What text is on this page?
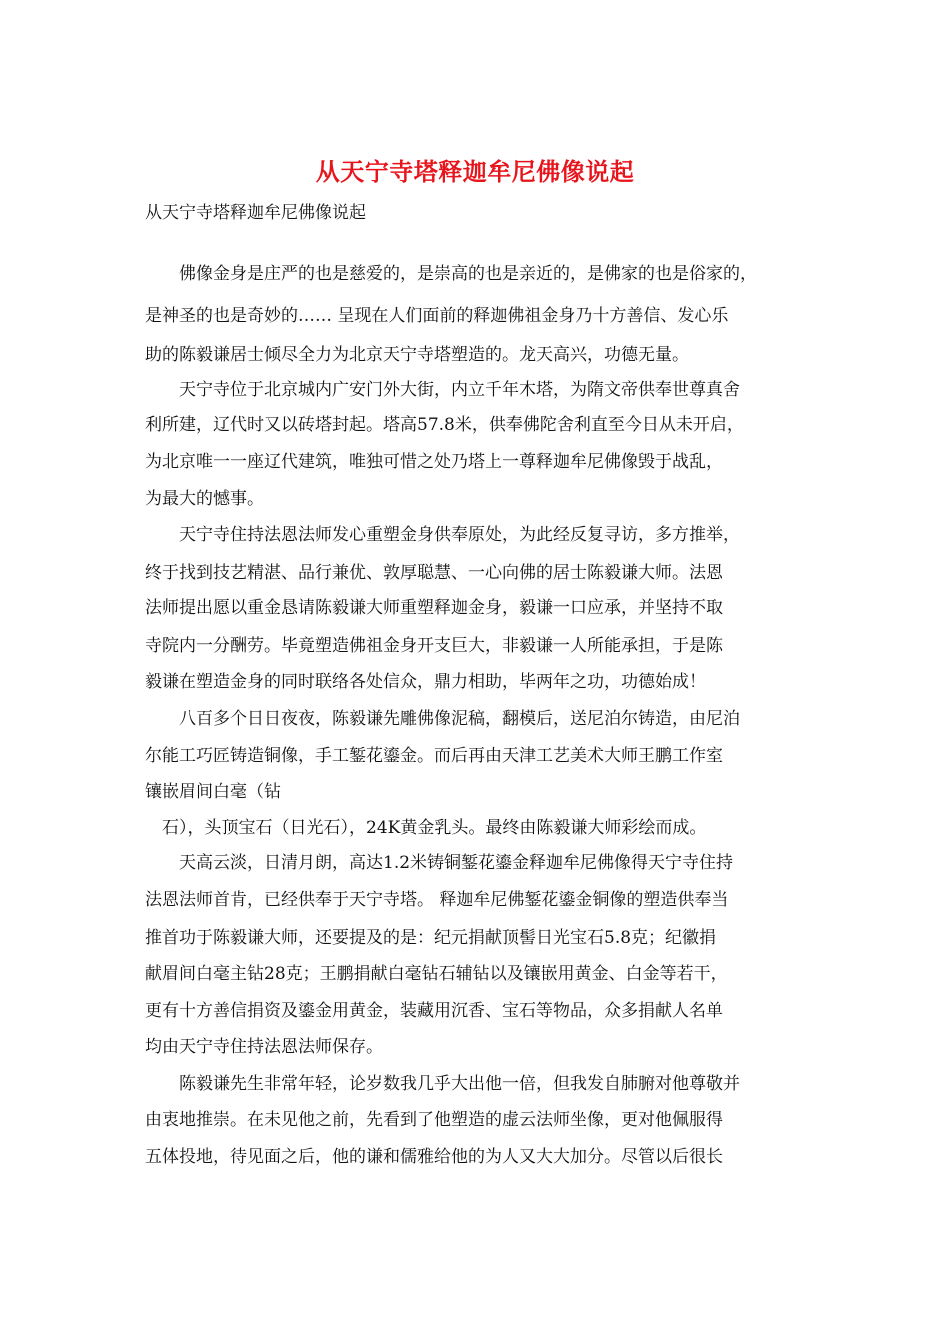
从天宁寺塔释迦牟尼佛像说起

从天宁寺塔释迦牟尼佛像说起

　　佛像金身是庄严的也是慈爱的，是崇高的也是亲近的，是佛家的也是俗家的，

是神圣的也是奇妙的…… 呈现在人们面前的释迦佛祖金身乃十方善信、发心乐

助的陈毅谦居士倾尽全力为北京天宁寺塔塑造的。龙天高兴，功德无量。

　　天宁寺位于北京城内广安门外大街，内立千年木塔，为隋文帝供奉世尊真舍

利所建，辽代时又以砖塔封起。塔高57.8米，供奉佛陀舍利直至今日从未开启，

为北京唯一一座辽代建筑，唯独可惜之处乃塔上一尊释迦牟尼佛像毁于战乱，

为最大的憾事。

　　天宁寺住持法恩法师发心重塑金身供奉原处，为此经反复寻访，多方推举，

终于找到技艺精湛、品行兼优、敦厚聪慧、一心向佛的居士陈毅谦大师。法恩

法师提出愿以重金恳请陈毅谦大师重塑释迦金身，毅谦一口应承，并坚持不取

寺院内一分酬劳。毕竟塑造佛祖金身开支巨大，非毅谦一人所能承担，于是陈

毅谦在塑造金身的同时联络各处信众，鼎力相助，毕两年之功，功德始成！

　　八百多个日日夜夜，陈毅谦先雕佛像泥稿，翻模后，送尼泊尔铸造，由尼泊

尔能工巧匠铸造铜像，手工錾花鎏金。而后再由天津工艺美术大师王鹏工作室

镶嵌眉间白毫（钻

　石），头顶宝石（日光石），24K黄金乳头。最终由陈毅谦大师彩绘而成。

　　天高云淡，日清月朗，高达1.2米铸铜錾花鎏金释迦牟尼佛像得天宁寺住持

法恩法师首肯，已经供奉于天宁寺塔。 释迦牟尼佛錾花鎏金铜像的塑造供奉当

推首功于陈毅谦大师，还要提及的是：纪元捐献顶髻日光宝石5.8克；纪徽捐

献眉间白毫主钻28克；王鹏捐献白毫钻石辅钻以及镶嵌用黄金、白金等若干，

更有十方善信捐资及鎏金用黄金，装藏用沉香、宝石等物品，众多捐献人名单

均由天宁寺住持法恩法师保存。

　　陈毅谦先生非常年轻，论岁数我几乎大出他一倍，但我发自肺腑对他尊敬并

由衷地推崇。在未见他之前，先看到了他塑造的虚云法师坐像，更对他佩服得

五体投地，待见面之后，他的谦和儒雅给他的为人又大大加分。尽管以后很长
